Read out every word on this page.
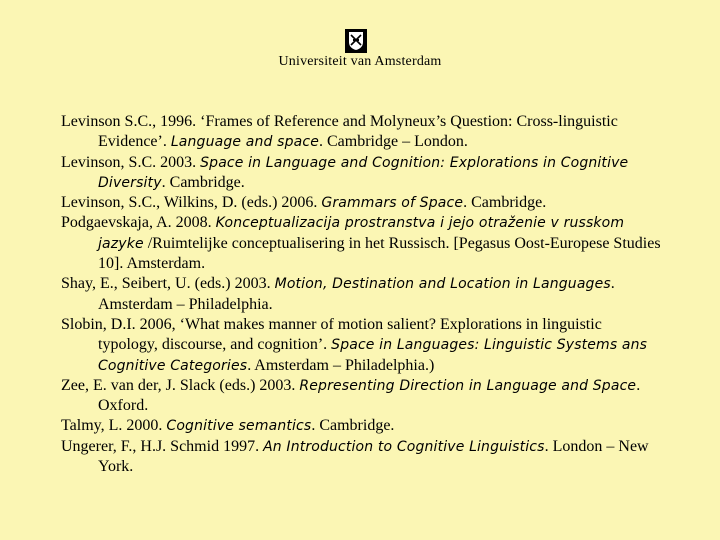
Universiteit van Amsterdam
Levinson S.C., 1996. ‘Frames of Reference and Molyneux’s Question: Cross-linguistic Evidence’. Language and space. Cambridge – London.
Levinson, S.C. 2003. Space in Language and Cognition: Explorations in Cognitive Diversity. Cambridge.
Levinson, S.C., Wilkins, D. (eds.) 2006. Grammars of Space. Cambridge.
Podgaevskaja, A. 2008. Konceptualizacija prostranstva i jejo otraženie v russkom jazyke /Ruimtelijke conceptualisering in het Russisch. [Pegasus Oost-Europese Studies 10]. Amsterdam.
Shay, E., Seibert, U. (eds.) 2003. Motion, Destination and Location in Languages. Amsterdam – Philadelphia.
Slobin, D.I. 2006, ‘What makes manner of motion salient? Explorations in linguistic typology, discourse, and cognition’. Space in Languages: Linguistic Systems ans Cognitive Categories. Amsterdam – Philadelphia.)
Zee, E. van der, J. Slack (eds.) 2003. Representing Direction in Language and Space. Oxford.
Talmy, L. 2000. Cognitive semantics. Cambridge.
Ungerer, F., H.J. Schmid 1997. An Introduction to Cognitive Linguistics. London – New York.
